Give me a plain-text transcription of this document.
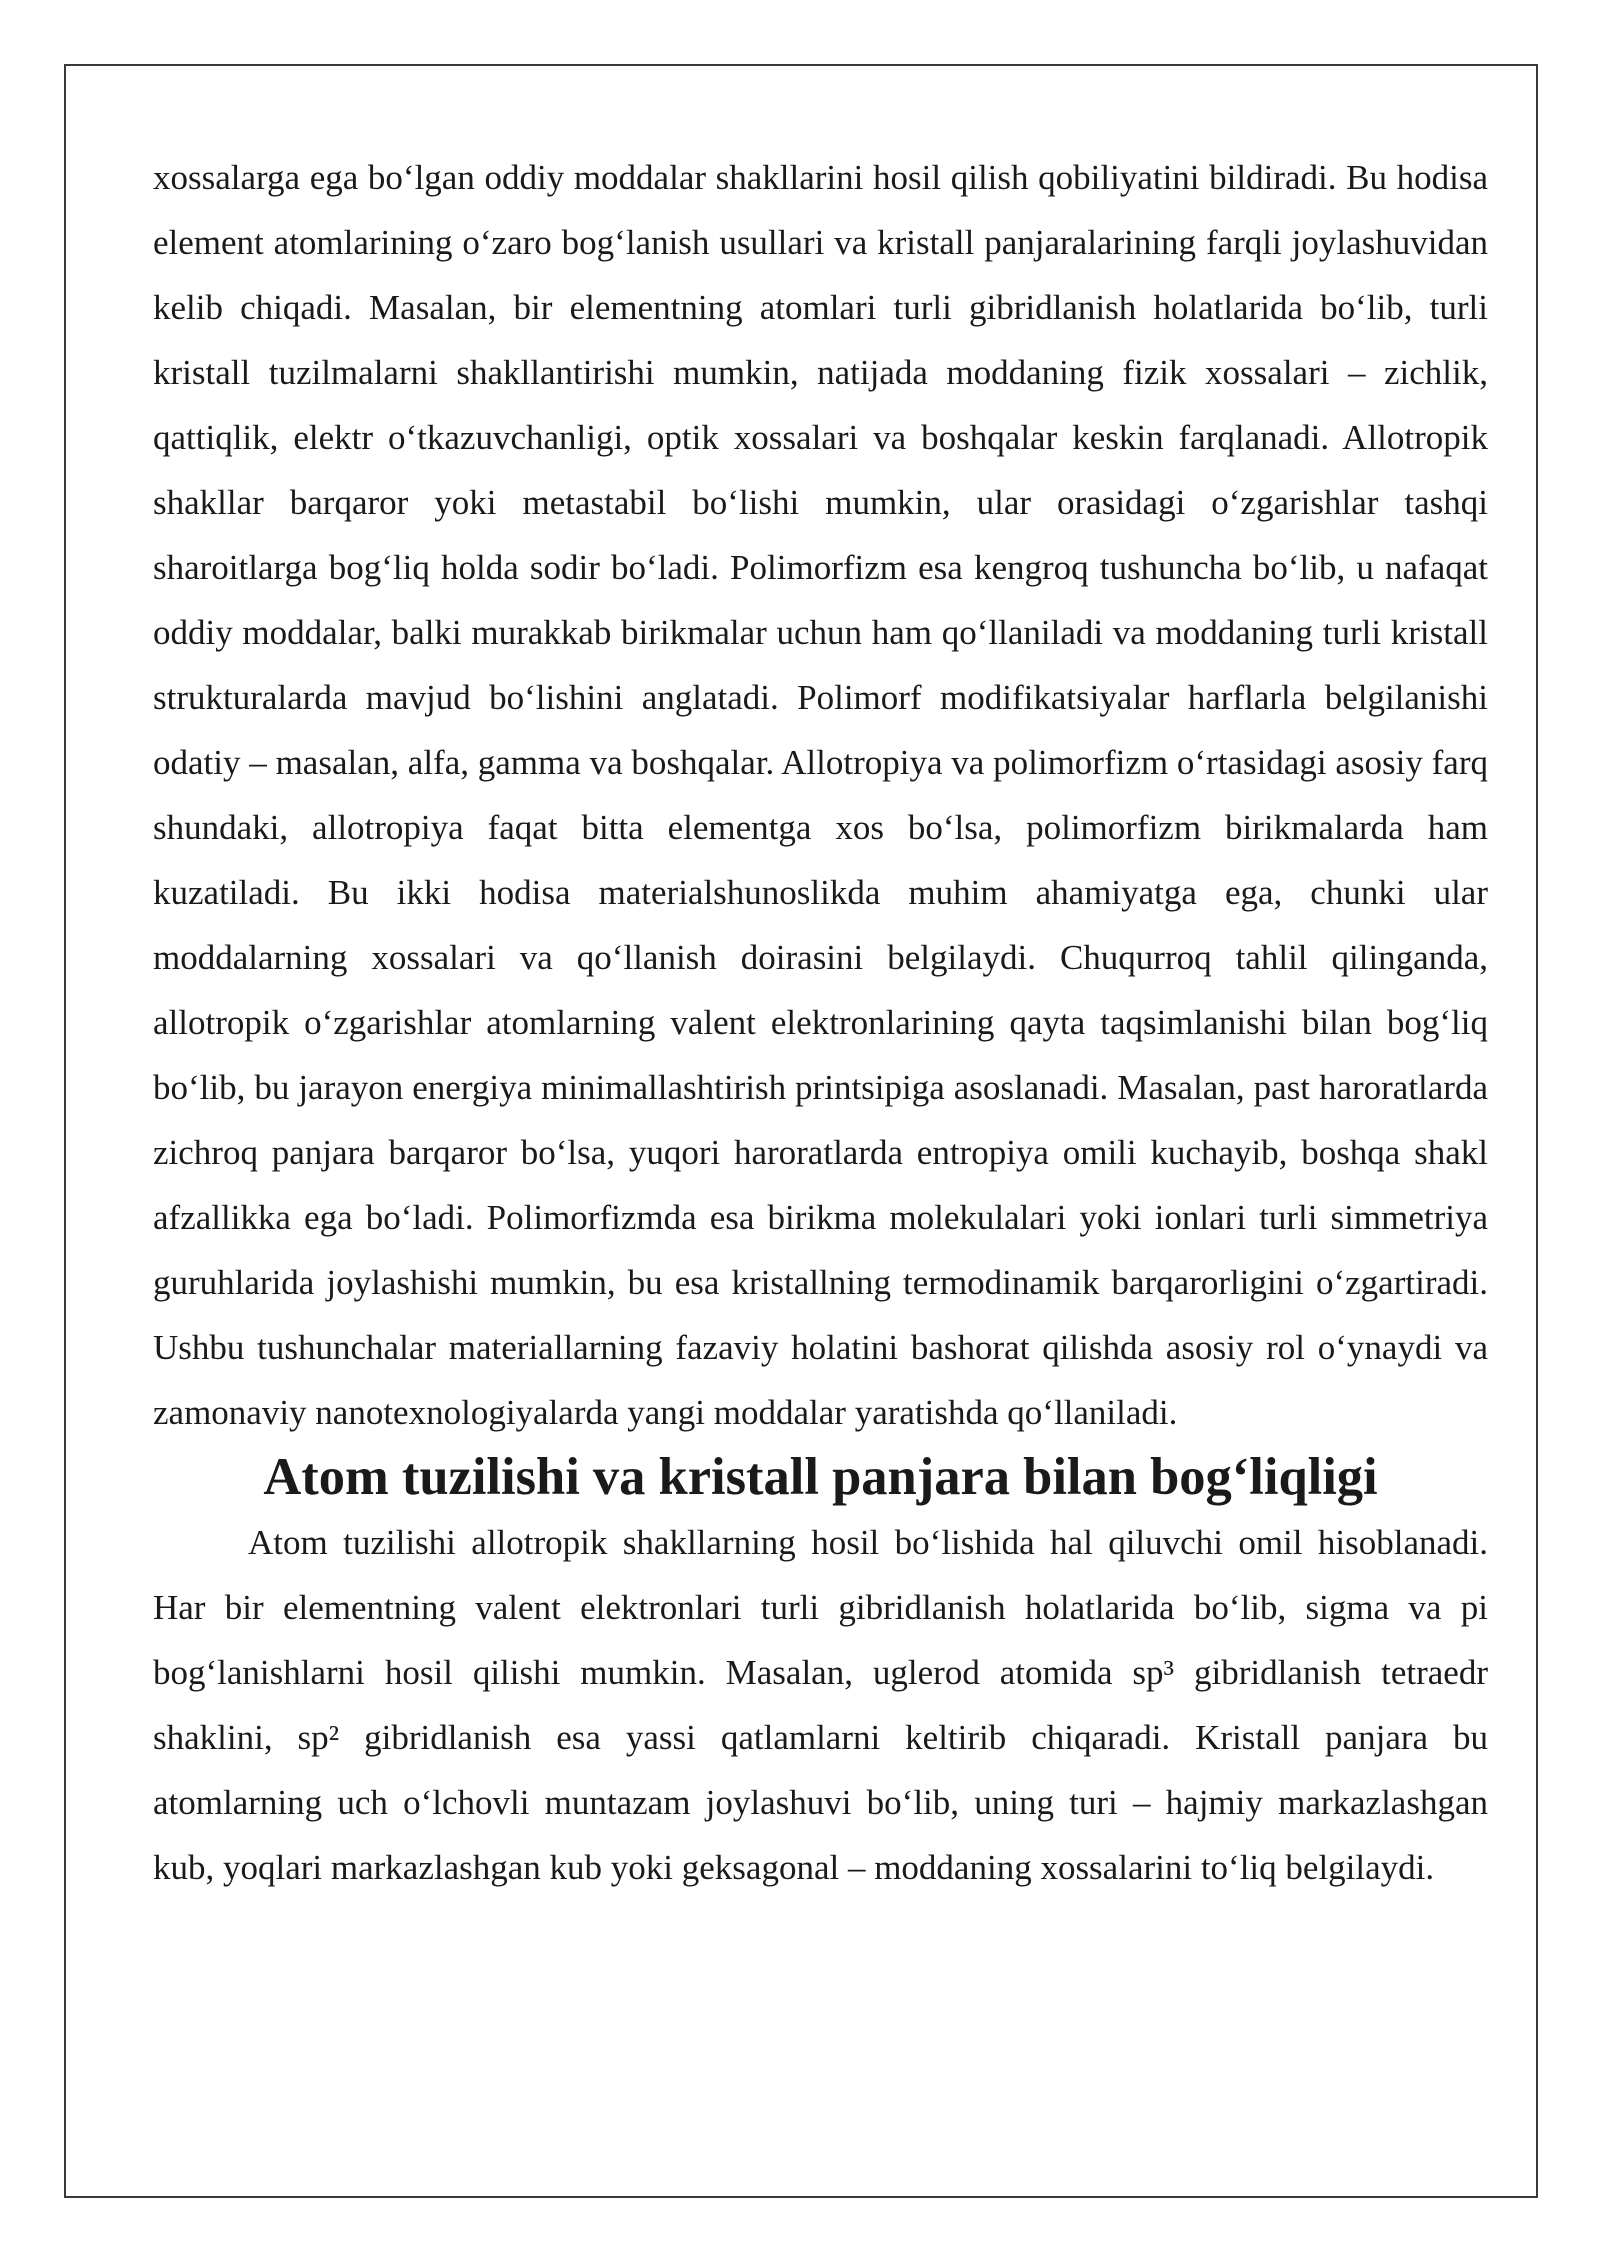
xossalarga ega bo‘lgan oddiy moddalar shakllarini hosil qilish qobiliyatini bildiradi. Bu hodisa element atomlarining o‘zaro bog‘lanish usullari va kristall panjaralarining farqli joylashuvidan kelib chiqadi. Masalan, bir elementning atomlari turli gibridlanish holatlarida bo‘lib, turli kristall tuzilmalarni shakllantirishi mumkin, natijada moddaning fizik xossalari – zichlik, qattiqlik, elektr o‘tkazuvchanligi, optik xossalari va boshqalar keskin farqlanadi. Allotropik shakllar barqaror yoki metastabil bo‘lishi mumkin, ular orasidagi o‘zgarishlar tashqi sharoitlarga bog‘liq holda sodir bo‘ladi. Polimorfizm esa kengroq tushuncha bo‘lib, u nafaqat oddiy moddalar, balki murakkab birikmalar uchun ham qo‘llaniladi va moddaning turli kristall strukturalarda mavjud bo‘lishini anglatadi. Polimorf modifikatsiyalar harflarla belgilanishi odatiy – masalan, alfa, gamma va boshqalar. Allotropiya va polimorfizm o‘rtasidagi asosiy farq shundaki, allotropiya faqat bitta elementga xos bo‘lsa, polimorfizm birikmalarda ham kuzatiladi. Bu ikki hodisa materialshunoslikda muhim ahamiyatga ega, chunki ular moddalarning xossalari va qo‘llanish doirasini belgilaydi. Chuqurroq tahlil qilinganda, allotropik o‘zgarishlar atomlarning valent elektronlarining qayta taqsimlanishi bilan bog‘liq bo‘lib, bu jarayon energiya minimallashtirish printsipiga asoslanadi. Masalan, past haroratlarda zichroq panjara barqaror bo‘lsa, yuqori haroratlarda entropiya omili kuchayib, boshqa shakl afzallikka ega bo‘ladi. Polimorfizmda esa birikma molekulalari yoki ionlari turli simmetriya guruhlarida joylashishi mumkin, bu esa kristallning termodinamik barqarorligini o‘zgartiradi. Ushbu tushunchalar materiallarning fazaviy holatini bashorat qilishda asosiy rol o‘ynaydi va zamonaviy nanotexnologiyalarda yangi moddalar yaratishda qo‘llaniladi.

Atom tuzilishi va kristall panjara bilan bog‘liqligi

Atom tuzilishi allotropik shakllarning hosil bo‘lishida hal qiluvchi omil hisoblanadi. Har bir elementning valent elektronlari turli gibridlanish holatlarida bo‘lib, sigma va pi bog‘lanishlarni hosil qilishi mumkin. Masalan, uglerod atomida sp³ gibridlanish tetraedr shaklini, sp² gibridlanish esa yassi qatlamlarni keltirib chiqaradi. Kristall panjara bu atomlarning uch o‘lchovli muntazam joylashuvi bo‘lib, uning turi – hajmiy markazlashgan kub, yoqlari markazlashgan kub yoki geksagonal – moddaning xossalarini to‘liq belgilaydi.
